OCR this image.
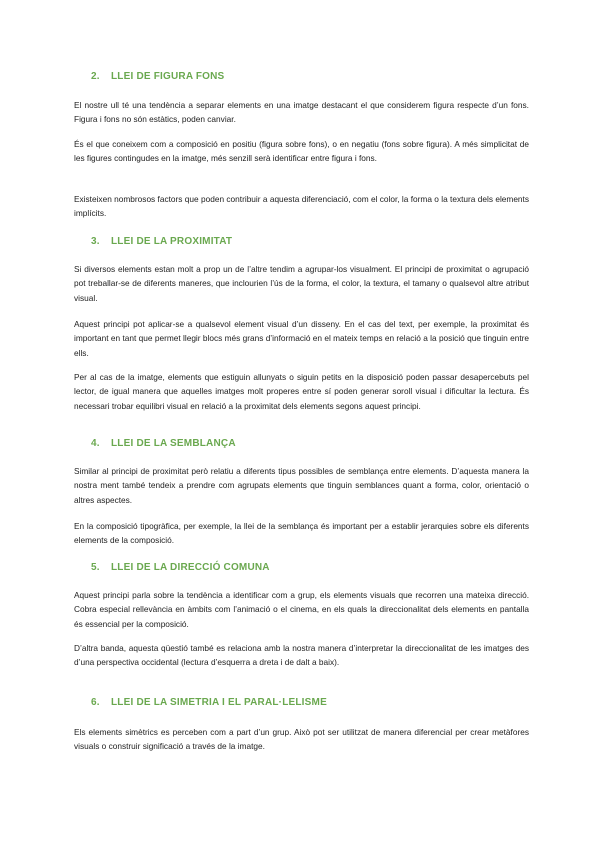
2. LLEI DE FIGURA FONS

El nostre ull té una tendència a separar elements en una imatge destacant el que considerem figura respecte d’un fons. Figura i fons no són estàtics, poden canviar.

És el que coneixem com a composició en positiu (figura sobre fons), o en negatiu (fons sobre figura). A més simplicitat de les figures contingudes en la imatge, més senzill serà identificar entre figura i fons.

Existeixen nombrosos factors que poden contribuir a aquesta diferenciació, com el color, la forma o la textura dels elements implícits.

3. LLEI DE LA PROXIMITAT

Si diversos elements estan molt a prop un de l’altre tendim a agrupar-los visualment. El principi de proximitat o agrupació pot treballar-se de diferents maneres, que inclourien l’ús de la forma, el color, la textura, el tamany o qualsevol altre atribut visual.

Aquest principi pot aplicar-se a qualsevol element visual d’un disseny. En el cas del text, per exemple, la proximitat és important en tant que permet llegir blocs més grans d’informació en el mateix temps en relació a la posició que tinguin entre ells.

Per al cas de la imatge, elements que estiguin allunyats o siguin petits en la disposició poden passar desapercebuts pel lector, de igual manera que aquelles imatges molt properes entre sí poden generar soroll visual i dificultar la lectura. És necessari trobar equilibri visual en relació a la proximitat dels elements segons aquest principi.

4. LLEI DE LA SEMBLANÇA

Similar al principi de proximitat però relatiu a diferents tipus possibles de semblança entre elements. D’aquesta manera la nostra ment també tendeix a prendre com agrupats elements que tinguin semblances quant a forma, color, orientació o altres aspectes.

En la composició tipogràfica, per exemple, la llei de la semblança és important per a establir jerarquies sobre els diferents elements de la composició.

5. LLEI DE LA DIRECCIÓ COMUNA

Aquest principi parla sobre la tendència a identificar com a grup, els elements visuals que recorren una mateixa direcció. Cobra especial rellevància en àmbits com l’animació o el cinema, en els quals la direccionalitat dels elements en pantalla és essencial per la composició.

D’altra banda, aquesta qüestió també es relaciona amb la nostra manera d’interpretar la direccionalitat de les imatges des d’una perspectiva occidental (lectura d’esquerra a dreta i de dalt a baix).

6. LLEI DE LA SIMETRIA I EL PARAL·LELISME

Els elements simètrics es perceben com a part d’un grup. Això pot ser utilitzat de manera diferencial per crear metàfores visuals o construir significació a través de la imatge.
